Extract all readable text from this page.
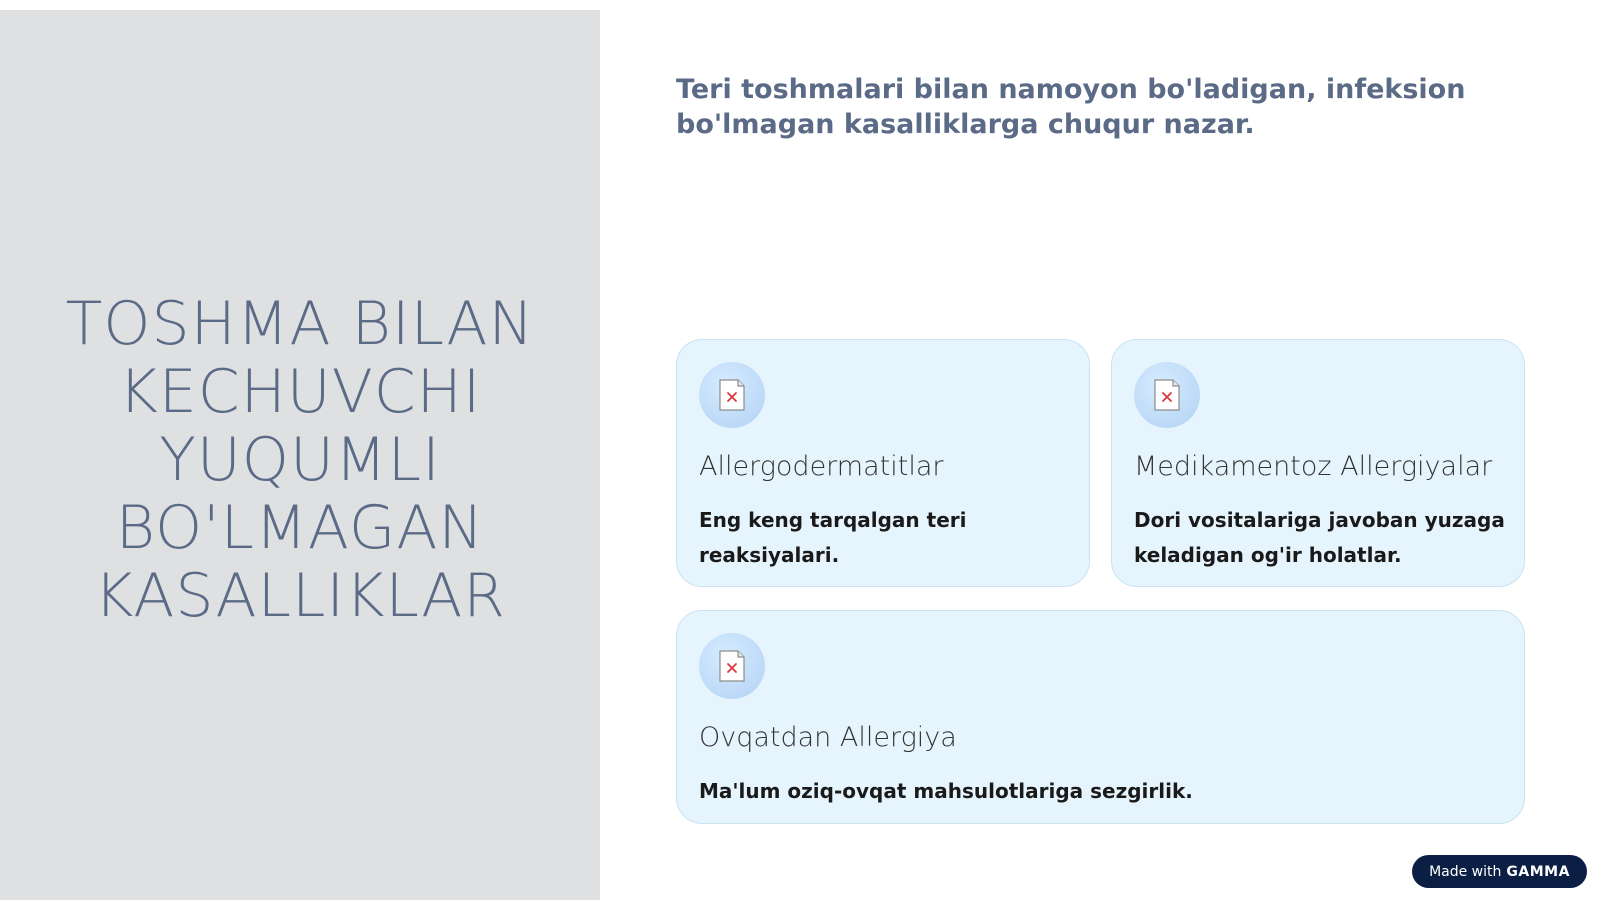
TOSHMA BILAN
KECHUVCHI
YUQUMLI
BO'LMAGAN
KASALLIKLAR

Teri toshmalari bilan namoyon bo'ladigan, infeksion bo'lmagan kasalliklarga chuqur nazar.

Allergodermatitlar

Eng keng tarqalgan teri reaksiyalari.

Medikamentoz Allergiyalar

Dori vositalariga javoban yuzaga keladigan og'ir holatlar.

Ovqatdan Allergiya

Ma'lum oziq-ovqat mahsulotlariga sezgirlik.

Made with GAMMA
